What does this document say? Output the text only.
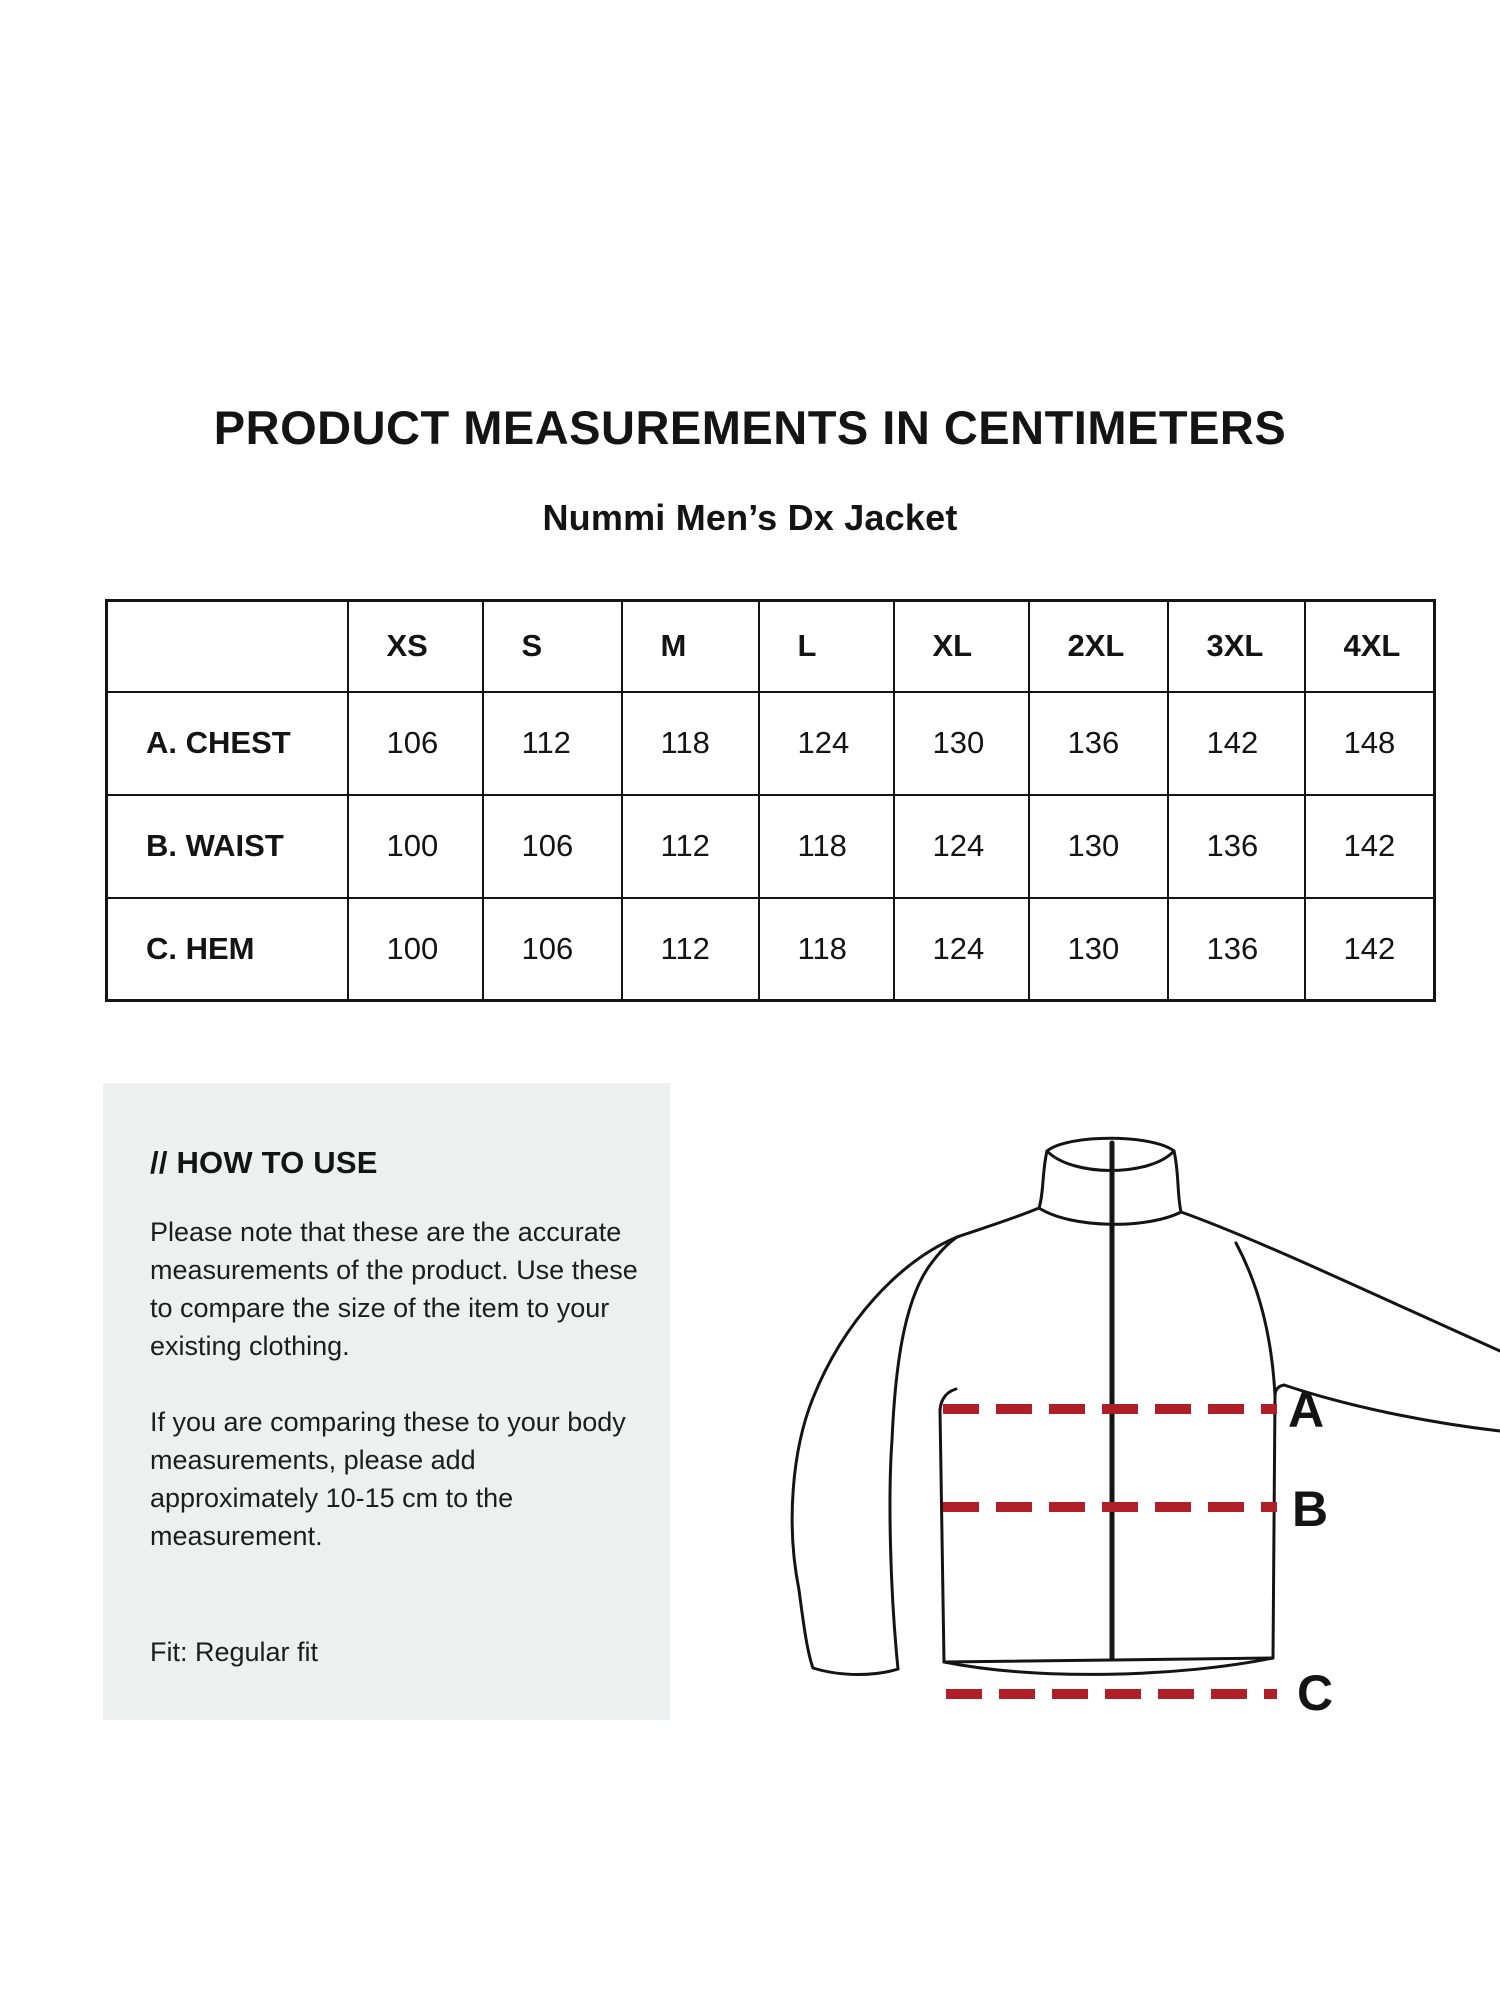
PRODUCT MEASUREMENTS IN CENTIMETERS
Nummi Men’s Dx Jacket
	XS	S	M	L	XL	2XL	3XL	4XL
A. CHEST	106	112	118	124	130	136	142	148
B. WAIST	100	106	112	118	124	130	136	142
C. HEM	100	106	112	118	124	130	136	142
// HOW TO USE

Please note that these are the accurate measurements of the product. Use these to compare the size of the item to your existing clothing.

If you are comparing these to your body measurements, please add approximately 10-15 cm to the measurement.

Fit: Regular fit

A
B
C
